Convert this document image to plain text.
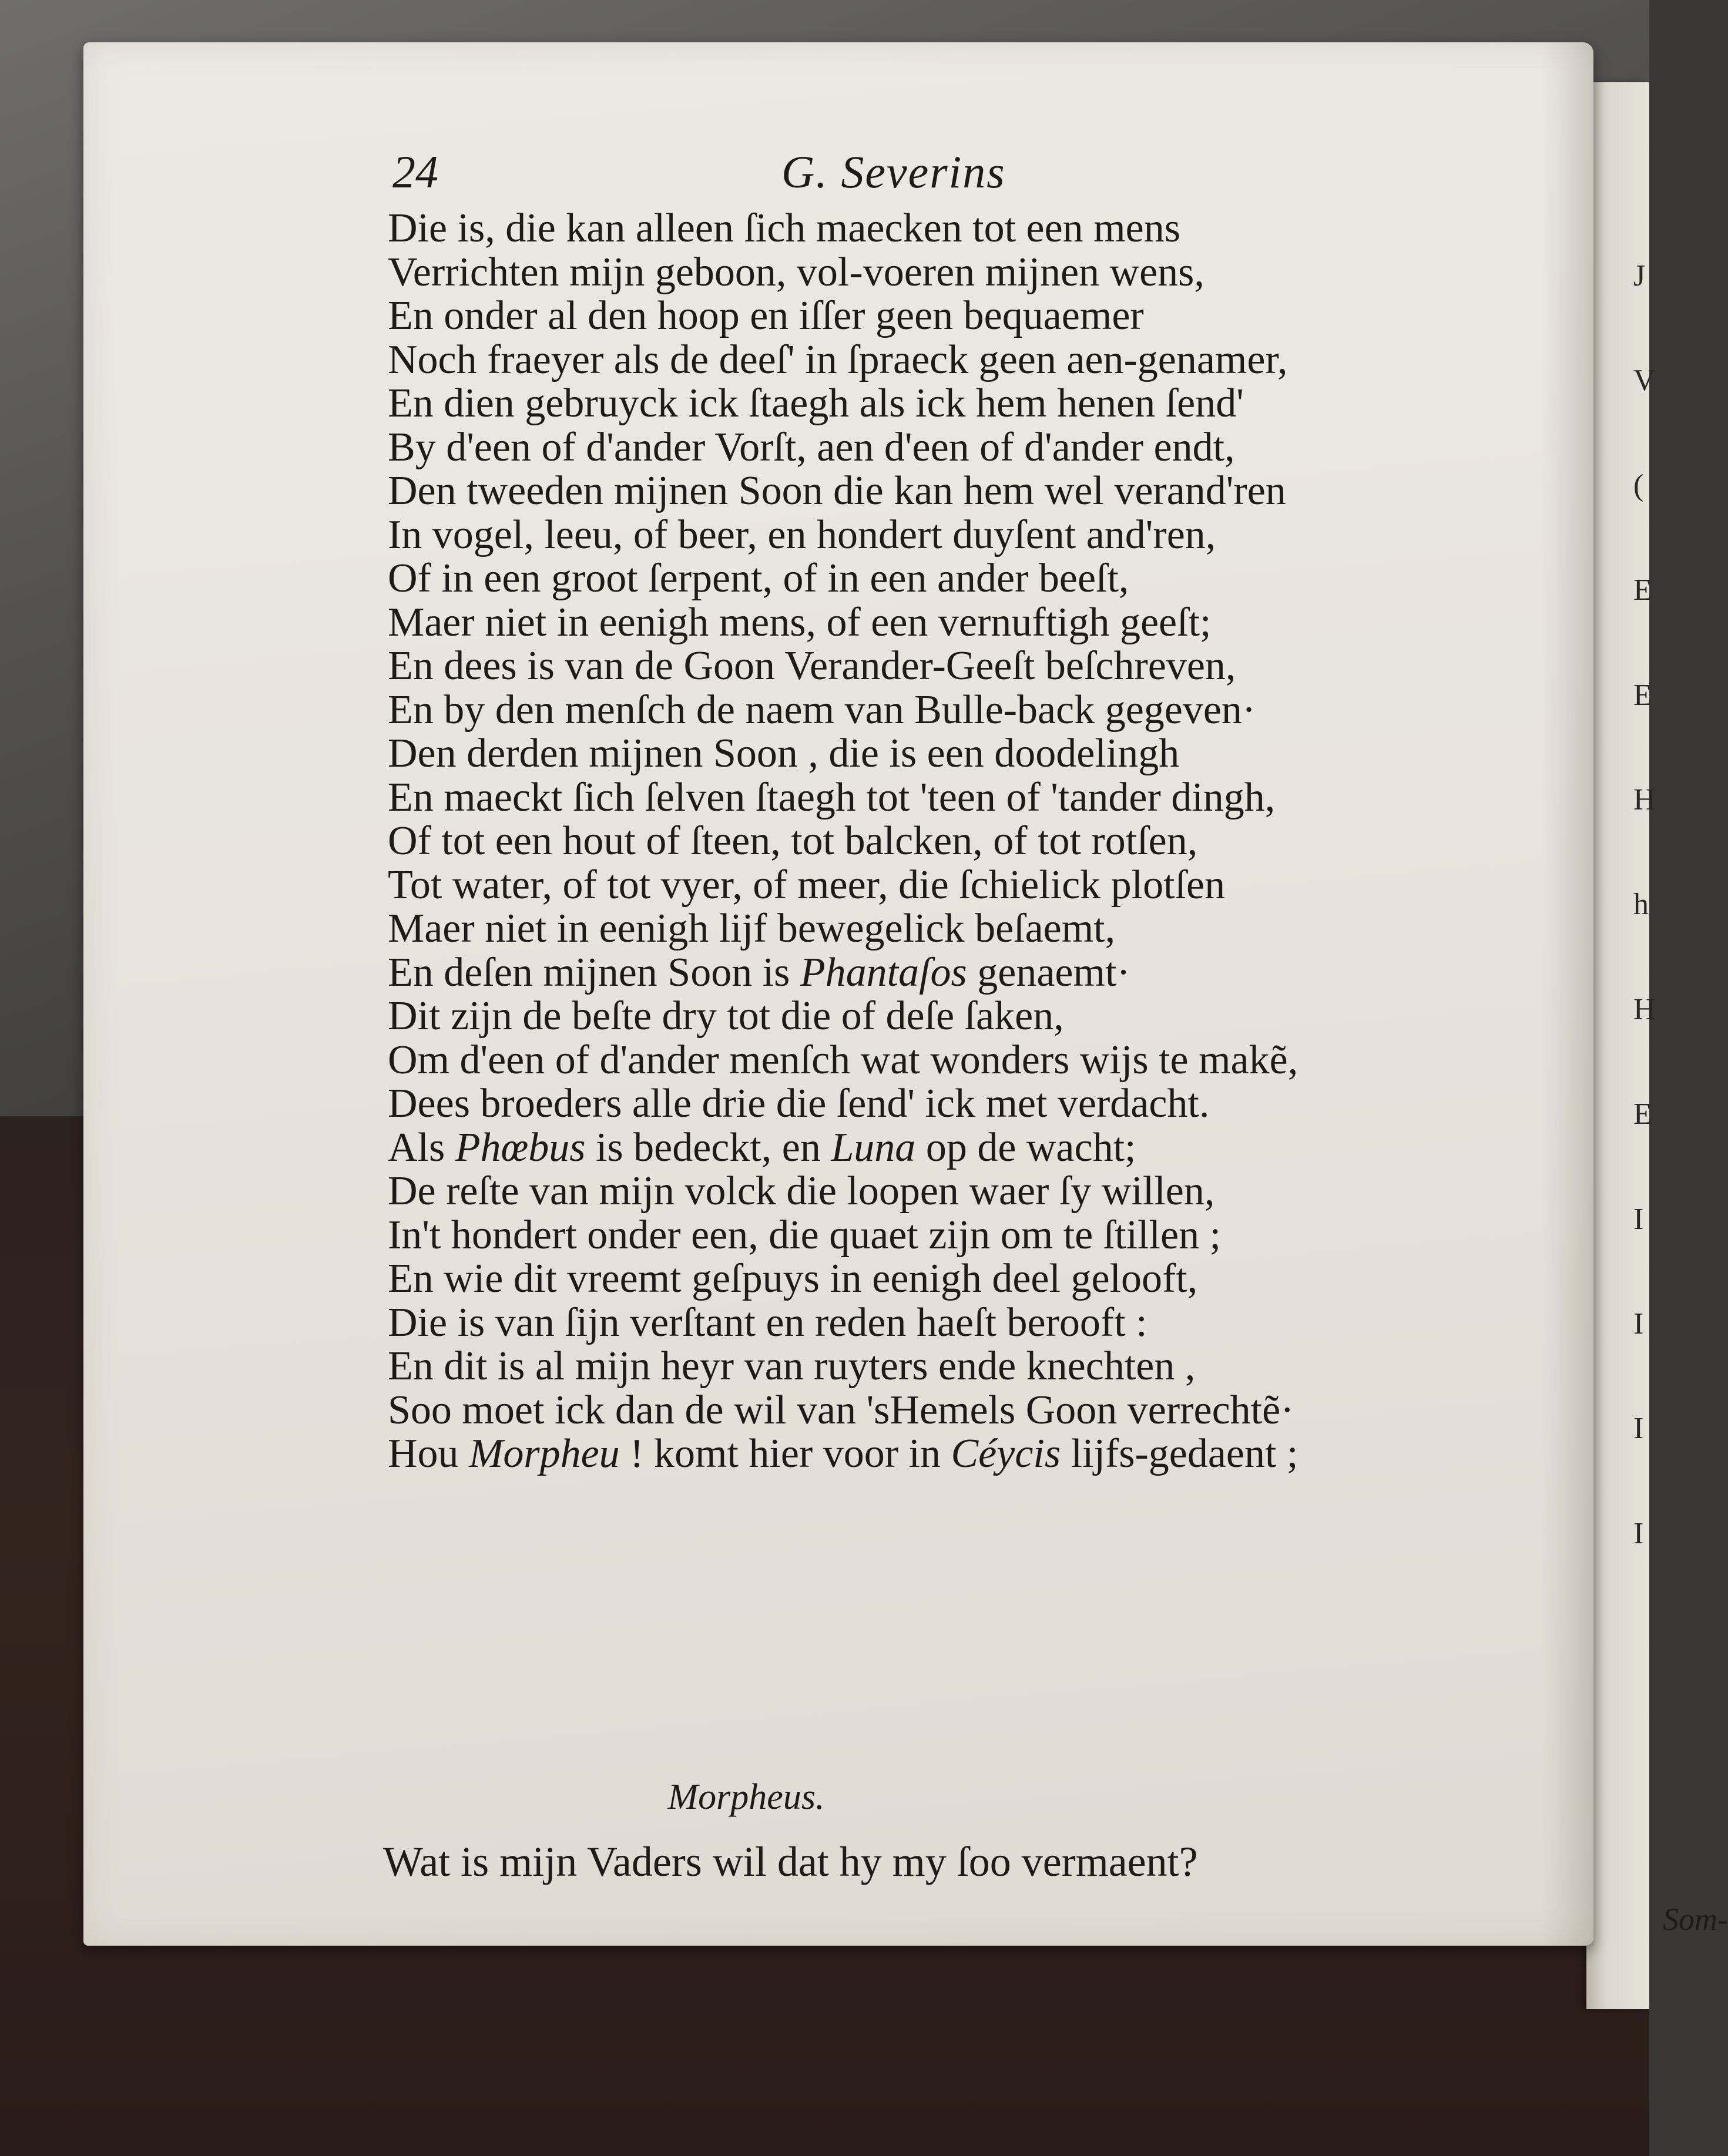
J
V
(
E
E
H
h
H
E
I
I
I
I
24	G. Severins
Die is, die kan alleen ſich maecken tot een mens
Verrichten mijn geboon, vol-voeren mijnen wens,
En onder al den hoop en iſſer geen bequaemer
Noch fraeyer als de deeſ' in ſpraeck geen aen-genamer,
En dien gebruyck ick ſtaegh als ick hem henen ſend'
By d'een of d'ander Vorſt, aen d'een of d'ander endt,
Den tweeden mijnen Soon die kan hem wel verand'ren
In vogel, leeu, of beer, en hondert duyſent and'ren,
Of in een groot ſerpent, of in een ander beeſt,
Maer niet in eenigh mens, of een vernuftigh geeſt;
En dees is van de Goon Verander-Geeſt beſchreven,
En by den menſch de naem van Bulle-back gegeven·
Den derden mijnen Soon , die is een doodelingh
En maeckt ſich ſelven ſtaegh tot 'teen of 'tander dingh,
Of tot een hout of ſteen, tot balcken, of tot rotſen,
Tot water, of tot vyer, of meer, die ſchielick plotſen
Maer niet in eenigh lijf bewegelick beſaemt,
En deſen mijnen Soon is Phantaſos genaemt·
Dit zijn de beſte dry tot die of deſe ſaken,
Om d'een of d'ander menſch wat wonders wijs te makẽ,
Dees broeders alle drie die ſend' ick met verdacht.
Als Phœbus is bedeckt, en Luna op de wacht;
De reſte van mijn volck die loopen waer ſy willen,
In't hondert onder een, die quaet zijn om te ſtillen ;
En wie dit vreemt geſpuys in eenigh deel gelooft,
Die is van ſijn verſtant en reden haeſt berooft :
En dit is al mijn heyr van ruyters ende knechten ,
Soo moet ick dan de wil van 'sHemels Goon verrechtẽ·
Hou Morpheu ! komt hier voor in Céycis lijfs-gedaent ;
Morpheus.
Wat is mijn Vaders wil dat hy my ſoo vermaent?
Som-
